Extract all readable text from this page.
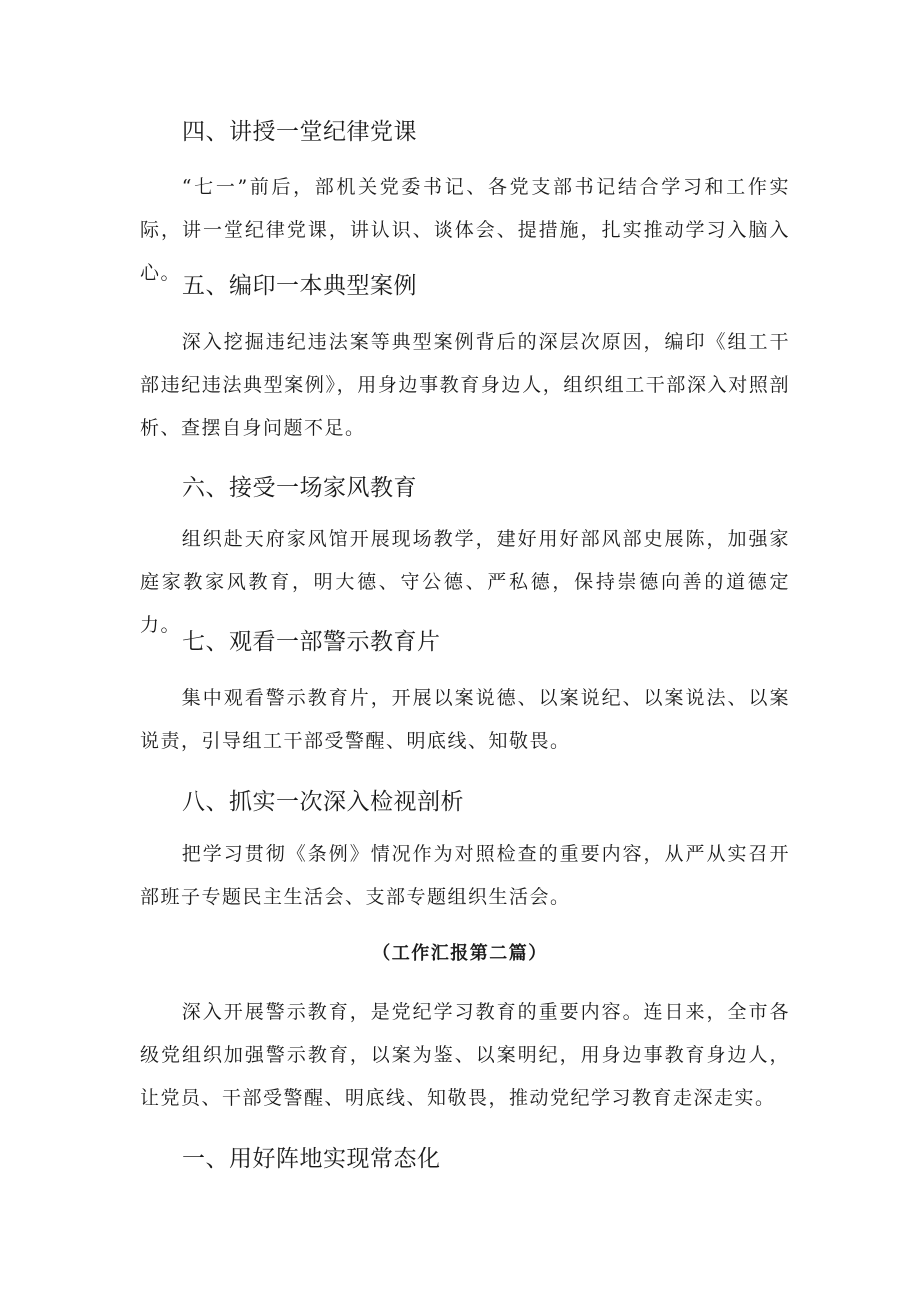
四、讲授一堂纪律党课

“七一”前后，部机关党委书记、各党支部书记结合学习和工作实际，讲一堂纪律党课，讲认识、谈体会、提措施，扎实推动学习入脑入心。 五、编印一本典型案例

深入挖掘违纪违法案等典型案例背后的深层次原因，编印《组工干部违纪违法典型案例》，用身边事教育身边人，组织组工干部深入对照剖析、查摆自身问题不足。

六、接受一场家风教育

组织赴天府家风馆开展现场教学，建好用好部风部史展陈，加强家庭家教家风教育，明大德、守公德、严私德，保持崇德向善的道德定力。

七、观看一部警示教育片

集中观看警示教育片，开展以案说德、以案说纪、以案说法、以案说责，引导组工干部受警醒、明底线、知敬畏。

八、抓实一次深入检视剖析

把学习贯彻《条例》情况作为对照检查的重要内容，从严从实召开部班子专题民主生活会、支部专题组织生活会。

（工作汇报第二篇）

深入开展警示教育，是党纪学习教育的重要内容。连日来，全市各级党组织加强警示教育，以案为鉴、以案明纪，用身边事教育身边人，让党员、干部受警醒、明底线、知敬畏，推动党纪学习教育走深走实。

一、用好阵地实现常态化
